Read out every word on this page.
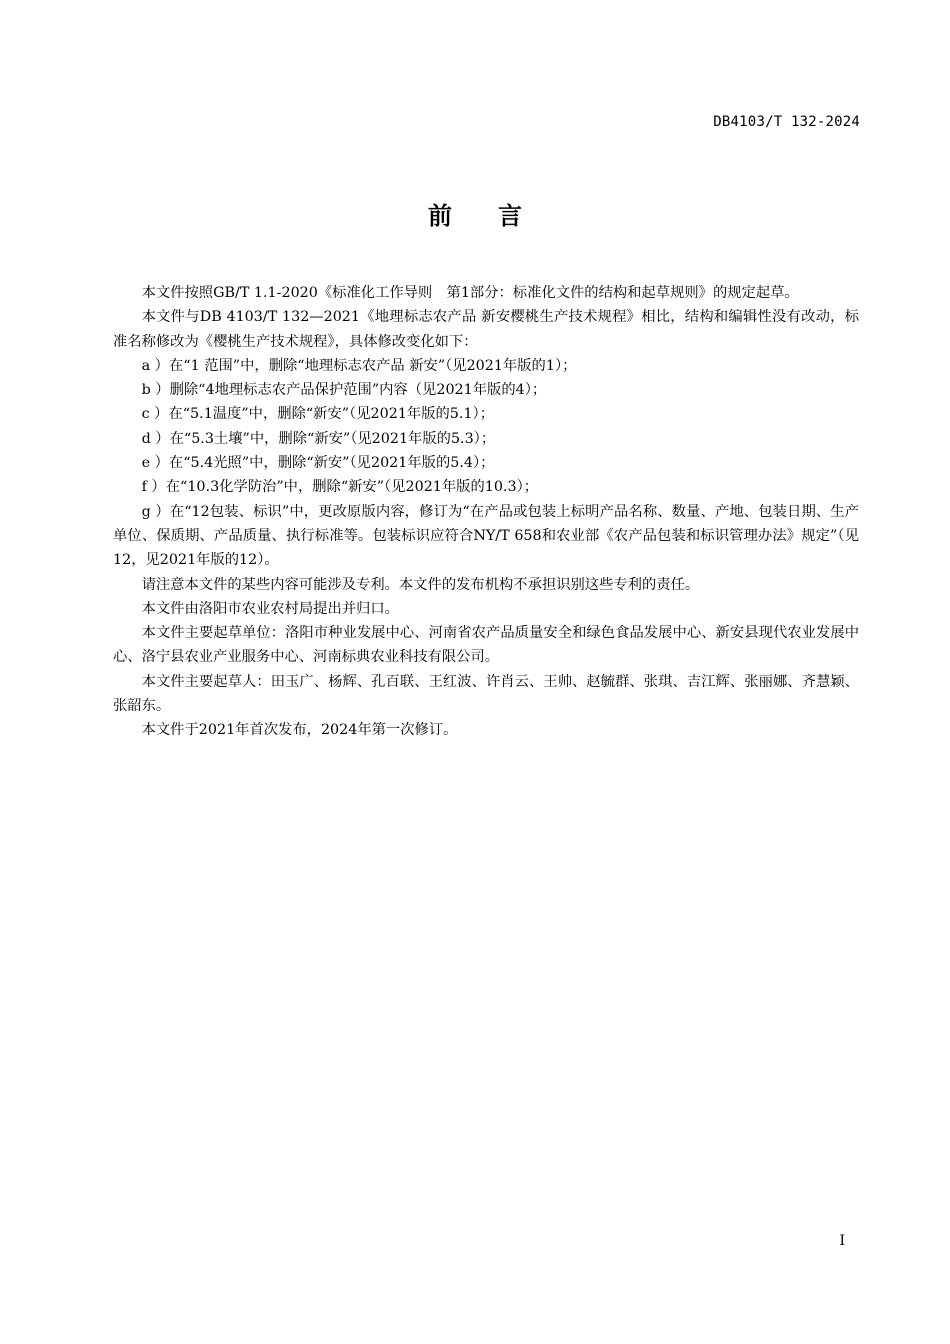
DB4103/T 132-2024
前言

本文件按照GB/T 1.1-2020《标准化工作导则　第1部分：标准化文件的结构和起草规则》的规定起草。

本文件与DB 4103/T 132—2021《地理标志农产品 新安樱桃生产技术规程》相比，结构和编辑性没有改动，标准名称修改为《樱桃生产技术规程》，具体修改变化如下：

a ）在“1 范围”中，删除“地理标志农产品 新安”（见2021年版的1）；

b ）删除“4地理标志农产品保护范围”内容（见2021年版的4）；

c ）在“5.1温度”中，删除“新安”（见2021年版的5.1）；

d ）在“5.3土壤”中，删除“新安”（见2021年版的5.3）；

e ）在“5.4光照”中，删除“新安”（见2021年版的5.4）；

f ）在“10.3化学防治”中，删除“新安”（见2021年版的10.3）；

g ）在“12包装、标识”中，更改原版内容，修订为“在产品或包装上标明产品名称、数量、产地、包装日期、生产单位、保质期、产品质量、执行标准等。包装标识应符合NY/T 658和农业部《农产品包装和标识管理办法》规定”（见12，见2021年版的12）。

请注意本文件的某些内容可能涉及专利。本文件的发布机构不承担识别这些专利的责任。

本文件由洛阳市农业农村局提出并归口。

本文件主要起草单位：洛阳市种业发展中心、河南省农产品质量安全和绿色食品发展中心、新安县现代农业发展中心、洛宁县农业产业服务中心、河南标典农业科技有限公司。

本文件主要起草人：田玉广、杨辉、孔百联、王红波、许肖云、王帅、赵毓群、张琪、吉江辉、张丽娜、齐慧颖、张韶东。

本文件于2021年首次发布，2024年第一次修订。

I
